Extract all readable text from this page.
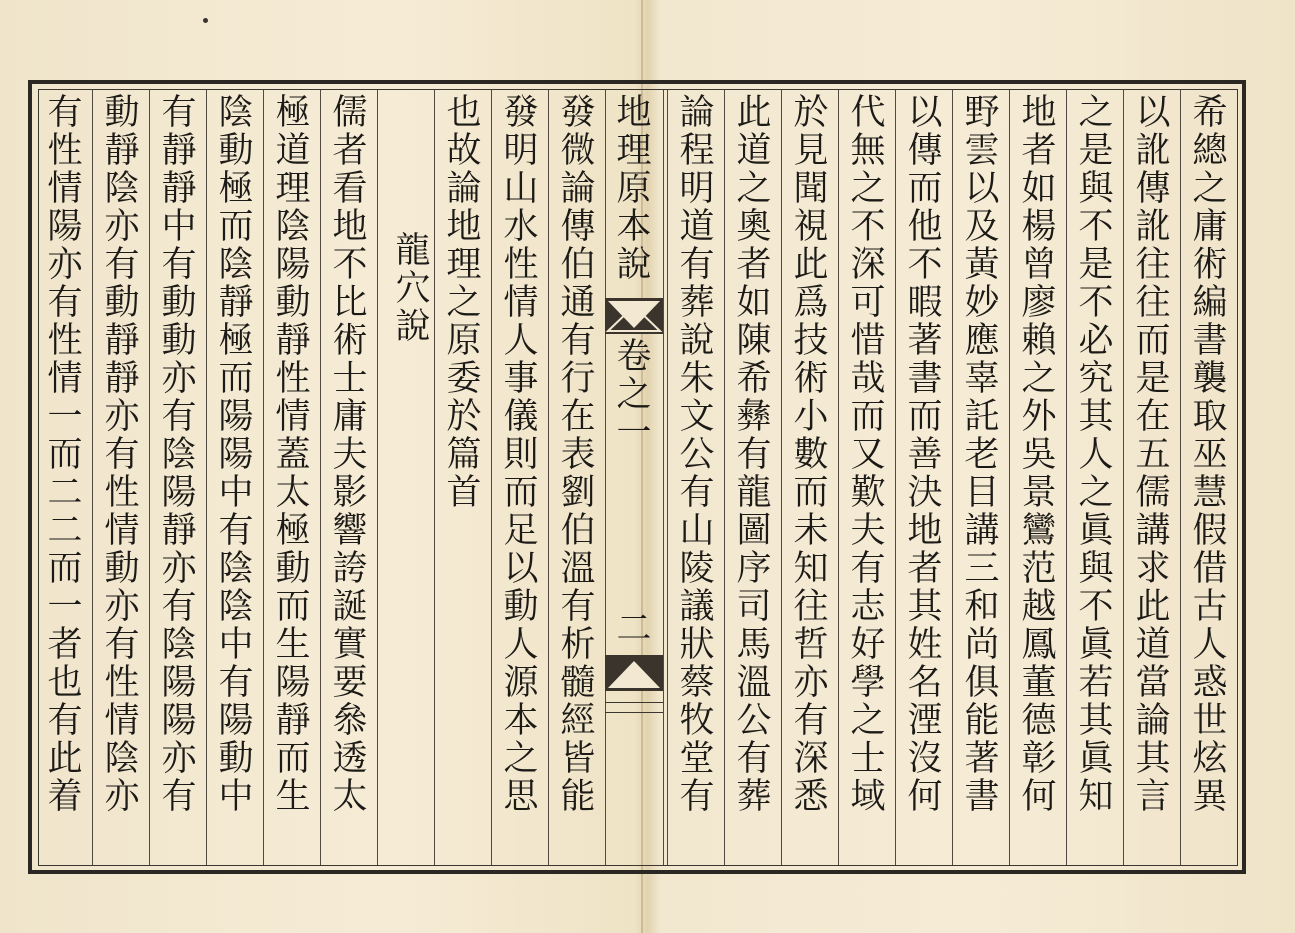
希
總
之
庸
術
編
書
襲
取
巫
慧
假
借
古
人
惑
世
炫
異
以
訛
傳
訛
往
往
而
是
在
五
儒
講
求
此
道
當
論
其
言
之
是
與
不
是
不
必
究
其
人
之
眞
與
不
眞
若
其
眞
知
地
者
如
楊
曾
廖
賴
之
外
吳
景
鸞
范
越
鳳
董
德
彰
何
野
雲
以
及
黃
妙
應
辜
託
老
目
講
三
和
尚
俱
能
著
書
以
傳
而
他
不
暇
著
書
而
善
決
地
者
其
姓
名
湮
沒
何
代
無
之
不
深
可
惜
哉
而
又
歎
夫
有
志
好
學
之
士
域
於
見
聞
視
此
爲
技
術
小
數
而
未
知
往
哲
亦
有
深
悉
此
道
之
奧
者
如
陳
希
彝
有
龍
圖
序
司
馬
溫
公
有
葬
論
程
明
道
有
葬
說
朱
文
公
有
山
陵
議
狀
蔡
牧
堂
有
發
微
論
傳
伯
通
有
行
在
表
劉
伯
溫
有
析
髓
經
皆
能
發
明
山
水
性
情
人
事
儀
則
而
足
以
動
人
源
本
之
思
也
故
論
地
理
之
原
委
於
篇
首
儒
者
看
地
不
比
術
士
庸
夫
影
響
誇
誕
實
要
叅
透
太
極
道
理
陰
陽
動
靜
性
情
蓋
太
極
動
而
生
陽
靜
而
生
陰
動
極
而
陰
靜
極
而
陽
陽
中
有
陰
陰
中
有
陽
動
中
有
靜
靜
中
有
動
動
亦
有
陰
陽
靜
亦
有
陰
陽
陽
亦
有
動
靜
陰
亦
有
動
靜
靜
亦
有
性
情
動
亦
有
性
情
陰
亦
有
性
情
陽
亦
有
性
情
一
而
二
二
而
一
者
也
有
此
着
龍
穴
說
地
理
原
本
說
卷
之
一
二
